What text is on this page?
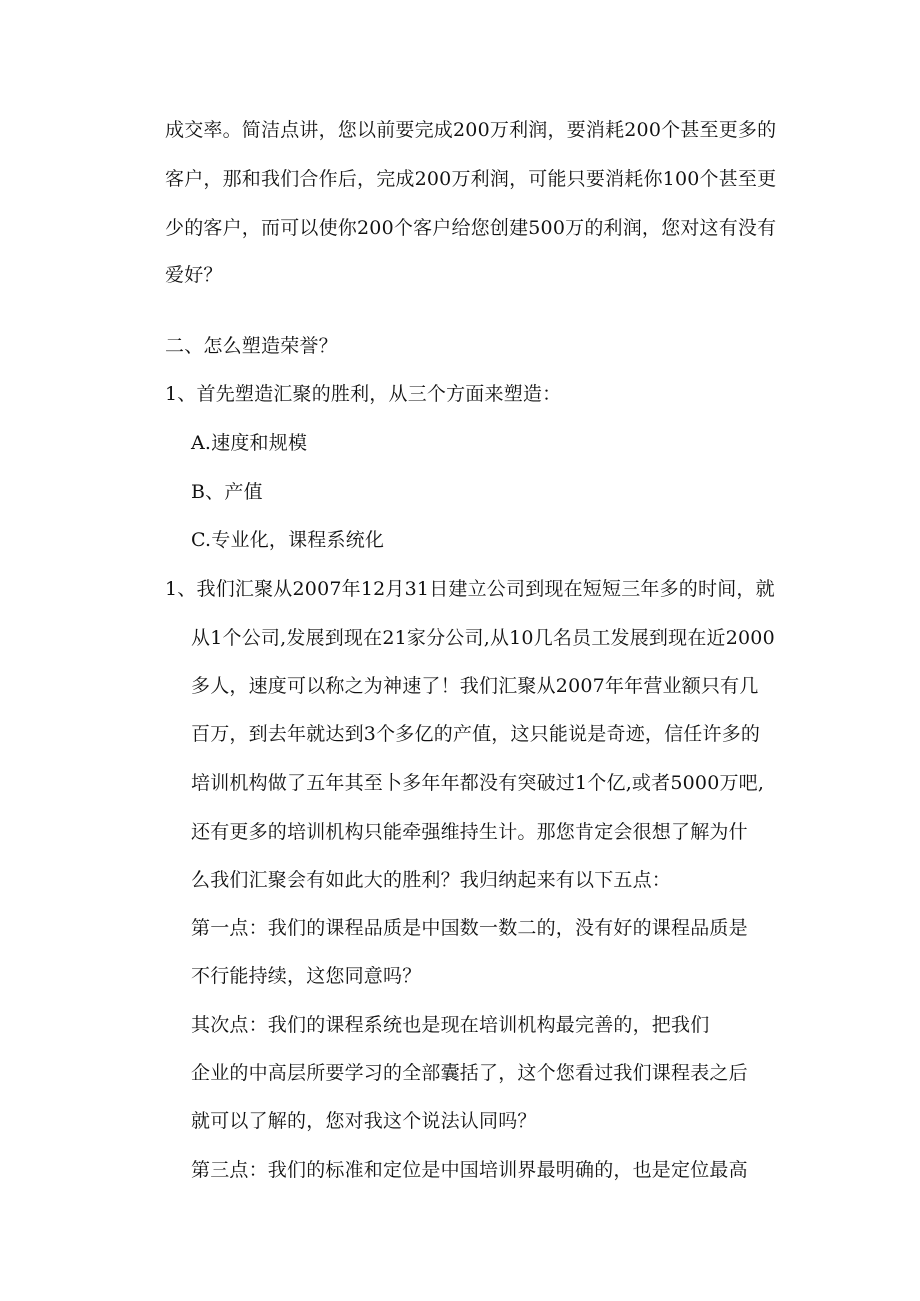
成交率。简洁点讲，您以前要完成200万利润，要消耗200个甚至更多的
客户，那和我们合作后，完成200万利润，可能只要消耗你100个甚至更
少的客户，而可以使你200个客户给您创建500万的利润，您对这有没有
爱好？
二、怎么塑造荣誉？
1、首先塑造汇聚的胜利，从三个方面来塑造：
A.速度和规模
B、产值
C.专业化，课程系统化
1、我们汇聚从2007年12月31日建立公司到现在短短三年多的时间，就
从1个公司,发展到现在21家分公司,从10几名员工发展到现在近2000
多人，速度可以称之为神速了！我们汇聚从2007年年营业额只有几
百万，到去年就达到3个多亿的产值，这只能说是奇迹，信任许多的
培训机构做了五年其至卜多年年都没有突破过1个亿,或者5000万吧,
还有更多的培训机构只能牵强维持生计。那您肯定会很想了解为什
么我们汇聚会有如此大的胜利？我归纳起来有以下五点：
第一点：我们的课程品质是中国数一数二的，没有好的课程品质是
不行能持续，这您同意吗？
其次点：我们的课程系统也是现在培训机构最完善的，把我们
企业的中高层所要学习的全部囊括了，这个您看过我们课程表之后
就可以了解的，您对我这个说法认同吗？
第三点：我们的标准和定位是中国培训界最明确的，也是定位最高
